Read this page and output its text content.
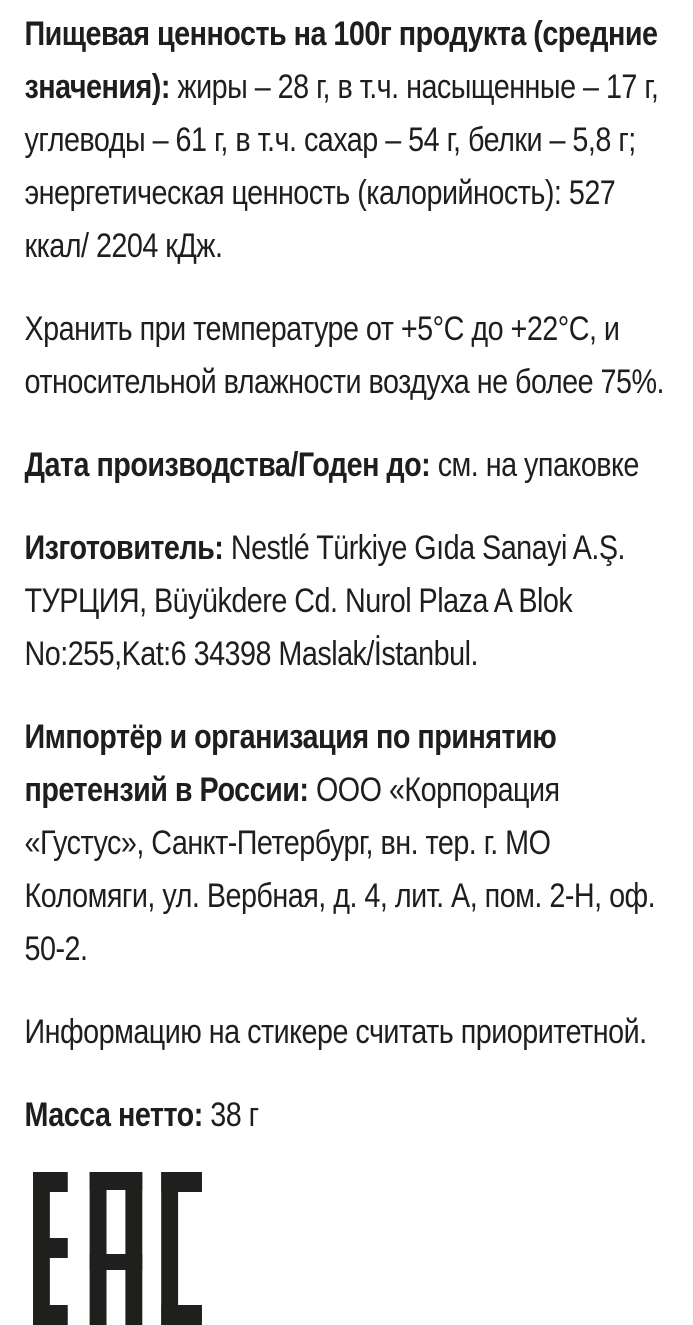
Пищевая ценность на 100г продукта (средние значения): жиры – 28 г, в т.ч. насыщенные – 17 г, углеводы – 61 г, в т.ч. сахар – 54 г, белки – 5,8 г; энергетическая ценность (калорийность): 527 ккал/ 2204 кДж.

Хранить при температуре от +5°С до +22°С, и относительной влажности воздуха не более 75%.

Дата производства/Годен до: см. на упаковке

Изготовитель: Nestlé Türkiye Gıda Sanayi A.Ş. ТУРЦИЯ, Büyükdere Cd. Nurol Plaza A Blok No:255,Kat:6 34398 Maslak/İstanbul.

Импортёр и организация по принятию претензий в России: ООО «Корпорация «Густус», Санкт-Петербург, вн. тер. г. МО Коломяги, ул. Вербная, д. 4, лит. А, пом. 2-Н, оф. 50-2.

Информацию на стикере считать приоритетной.

Масса нетто: 38 г
